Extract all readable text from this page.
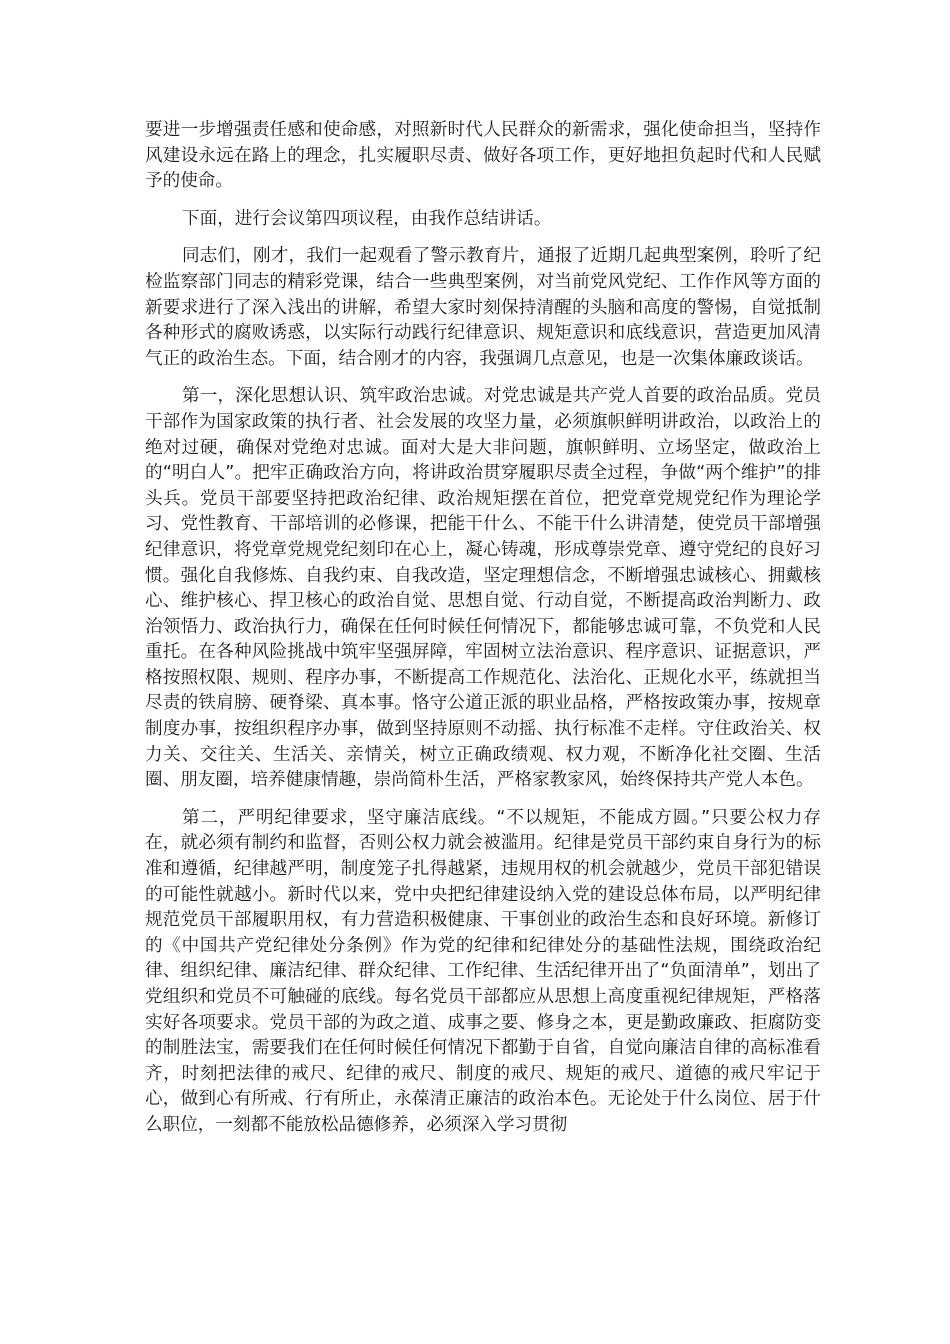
要进一步增强责任感和使命感，对照新时代人民群众的新需求，强化使命担当，坚持作风建设永远在路上的理念，扎实履职尽责、做好各项工作，更好地担负起时代和人民赋予的使命。

下面，进行会议第四项议程，由我作总结讲话。

同志们，刚才，我们一起观看了警示教育片，通报了近期几起典型案例，聆听了纪检监察部门同志的精彩党课，结合一些典型案例，对当前党风党纪、工作作风等方面的新要求进行了深入浅出的讲解，希望大家时刻保持清醒的头脑和高度的警惕，自觉抵制各种形式的腐败诱惑，以实际行动践行纪律意识、规矩意识和底线意识，营造更加风清气正的政治生态。下面，结合刚才的内容，我强调几点意见，也是一次集体廉政谈话。

第一，深化思想认识、筑牢政治忠诚。对党忠诚是共产党人首要的政治品质。党员干部作为国家政策的执行者、社会发展的攻坚力量，必须旗帜鲜明讲政治，以政治上的绝对过硬，确保对党绝对忠诚。面对大是大非问题，旗帜鲜明、立场坚定，做政治上的“明白人”。把牢正确政治方向，将讲政治贯穿履职尽责全过程，争做“两个维护”的排头兵。党员干部要坚持把政治纪律、政治规矩摆在首位，把党章党规党纪作为理论学习、党性教育、干部培训的必修课，把能干什么、不能干什么讲清楚，使党员干部增强纪律意识，将党章党规党纪刻印在心上，凝心铸魂，形成尊崇党章、遵守党纪的良好习惯。强化自我修炼、自我约束、自我改造，坚定理想信念，不断增强忠诚核心、拥戴核心、维护核心、捍卫核心的政治自觉、思想自觉、行动自觉，不断提高政治判断力、政治领悟力、政治执行力，确保在任何时候任何情况下，都能够忠诚可靠，不负党和人民重托。在各种风险挑战中筑牢坚强屏障，牢固树立法治意识、程序意识、证据意识，严格按照权限、规则、程序办事，不断提高工作规范化、法治化、正规化水平，练就担当尽责的铁肩膀、硬脊梁、真本事。恪守公道正派的职业品格，严格按政策办事，按规章制度办事，按组织程序办事，做到坚持原则不动摇、执行标准不走样。守住政治关、权力关、交往关、生活关、亲情关，树立正确政绩观、权力观，不断净化社交圈、生活圈、朋友圈，培养健康情趣，崇尚简朴生活，严格家教家风，始终保持共产党人本色。

第二，严明纪律要求，坚守廉洁底线。“不以规矩，不能成方圆。”只要公权力存在，就必须有制约和监督，否则公权力就会被滥用。纪律是党员干部约束自身行为的标准和遵循，纪律越严明，制度笼子扎得越紧，违规用权的机会就越少，党员干部犯错误的可能性就越小。新时代以来，党中央把纪律建设纳入党的建设总体布局，以严明纪律规范党员干部履职用权，有力营造积极健康、干事创业的政治生态和良好环境。新修订的《中国共产党纪律处分条例》作为党的纪律和纪律处分的基础性法规，围绕政治纪律、组织纪律、廉洁纪律、群众纪律、工作纪律、生活纪律开出了“负面清单”，划出了党组织和党员不可触碰的底线。每名党员干部都应从思想上高度重视纪律规矩，严格落实好各项要求。党员干部的为政之道、成事之要、修身之本，更是勤政廉政、拒腐防变的制胜法宝，需要我们在任何时候任何情况下都勤于自省，自觉向廉洁自律的高标准看齐，时刻把法律的戒尺、纪律的戒尺、制度的戒尺、规矩的戒尺、道德的戒尺牢记于心，做到心有所戒、行有所止，永葆清正廉洁的政治本色。无论处于什么岗位、居于什么职位，一刻都不能放松品德修养，必须深入学习贯彻
